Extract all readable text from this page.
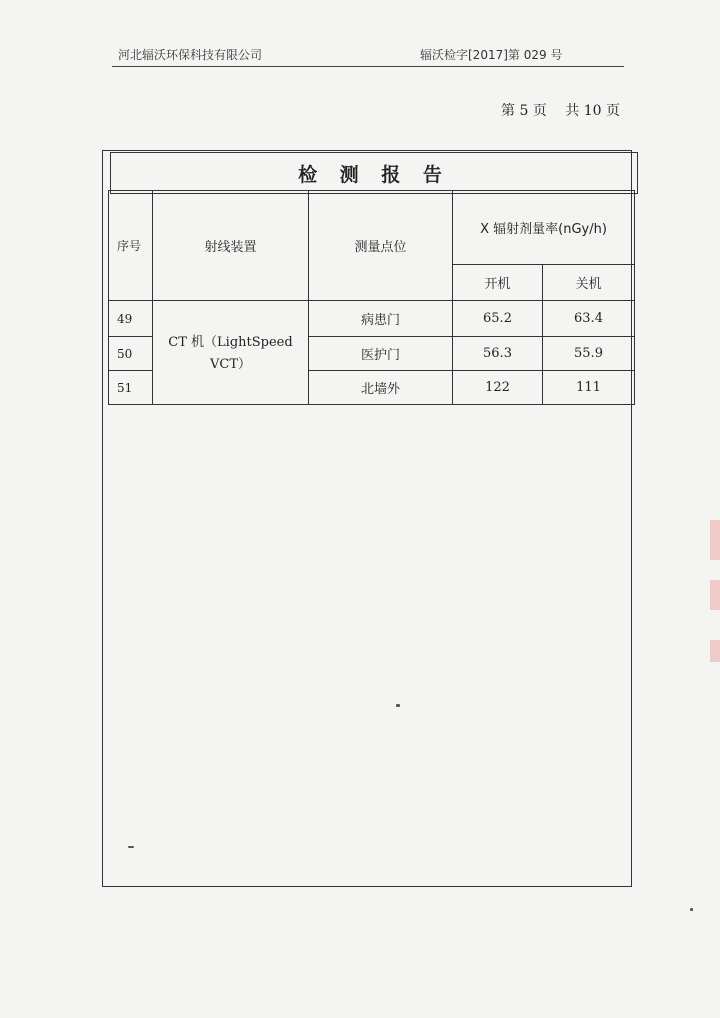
河北辐沃环保科技有限公司	辐沃检字[2017]第 029 号
第 5 页 共 10 页
检 测 报 告
序号	射线装置	测量点位	X 辐射剂量率(nGy/h)	
			开机	关机
49	CT 机（LightSpeed
VCT）	病患门	65.2	63.4
50		医护门	56.3	55.9
51		北墙外	122	111
